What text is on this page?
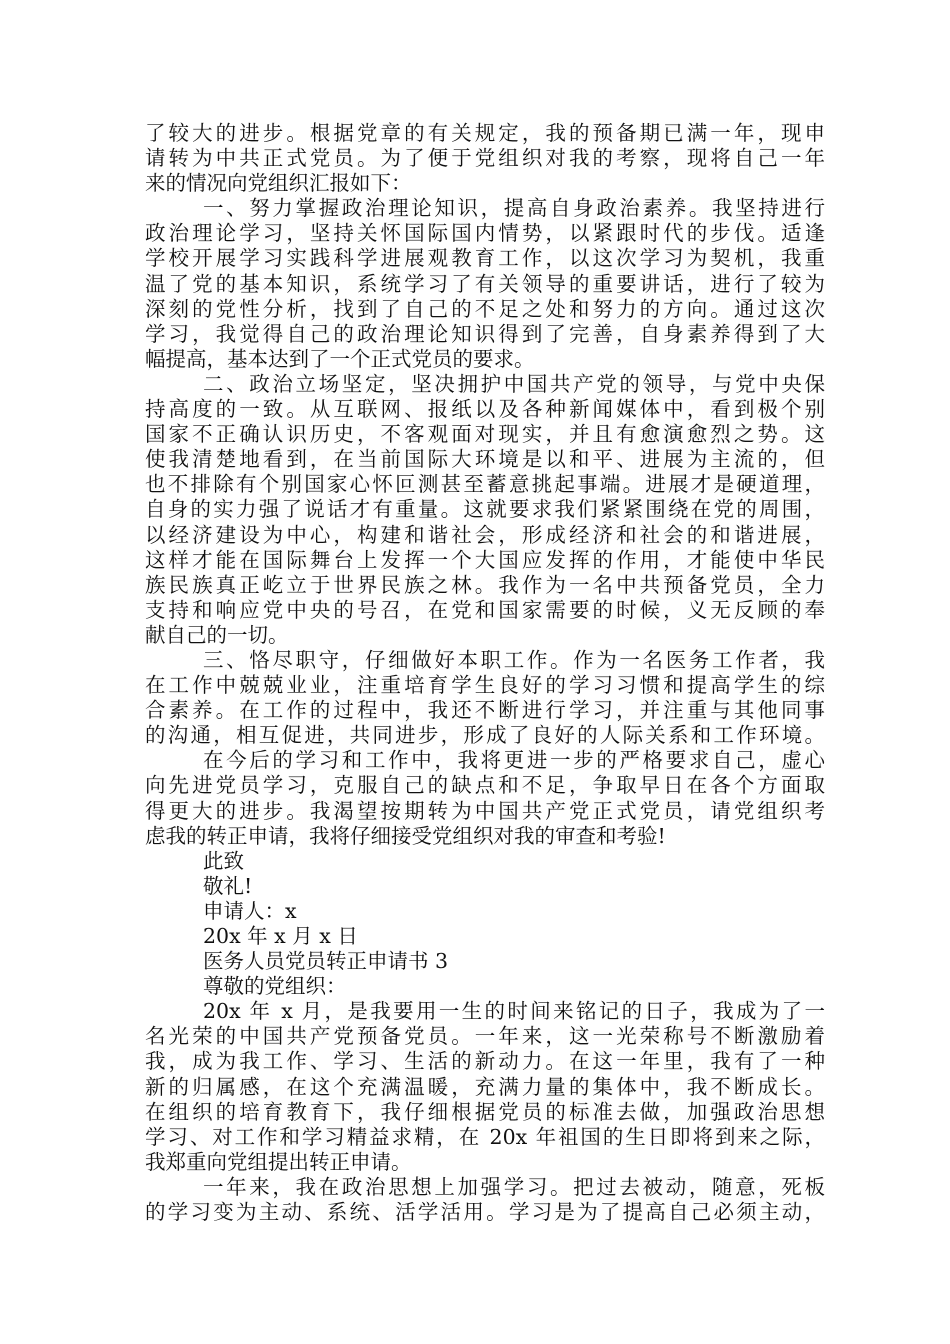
了较大的进步。根据党章的有关规定，我的预备期已满一年，现申
请转为中共正式党员。为了便于党组织对我的考察，现将自己一年
来的情况向党组织汇报如下：
一、努力掌握政治理论知识，提高自身政治素养。我坚持进行
政治理论学习，坚持关怀国际国内情势，以紧跟时代的步伐。适逢
学校开展学习实践科学进展观教育工作，以这次学习为契机，我重
温了党的基本知识，系统学习了有关领导的重要讲话，进行了较为
深刻的党性分析，找到了自己的不足之处和努力的方向。通过这次
学习，我觉得自己的政治理论知识得到了完善，自身素养得到了大
幅提高，基本达到了一个正式党员的要求。
二、政治立场坚定，坚决拥护中国共产党的领导，与党中央保
持高度的一致。从互联网、报纸以及各种新闻媒体中，看到极个别
国家不正确认识历史，不客观面对现实，并且有愈演愈烈之势。这
使我清楚地看到，在当前国际大环境是以和平、进展为主流的，但
也不排除有个别国家心怀叵测甚至蓄意挑起事端。进展才是硬道理，
自身的实力强了说话才有重量。这就要求我们紧紧围绕在党的周围，
以经济建设为中心，构建和谐社会，形成经济和社会的和谐进展，
这样才能在国际舞台上发挥一个大国应发挥的作用，才能使中华民
族民族真正屹立于世界民族之林。我作为一名中共预备党员，全力
支持和响应党中央的号召，在党和国家需要的时候，义无反顾的奉
献自己的一切。
三、恪尽职守，仔细做好本职工作。作为一名医务工作者，我
在工作中兢兢业业，注重培育学生良好的学习习惯和提高学生的综
合素养。在工作的过程中，我还不断进行学习，并注重与其他同事
的沟通，相互促进，共同进步，形成了良好的人际关系和工作环境。
在今后的学习和工作中，我将更进一步的严格要求自己，虚心
向先进党员学习，克服自己的缺点和不足，争取早日在各个方面取
得更大的进步。我渴望按期转为中国共产党正式党员，请党组织考
虑我的转正申请，我将仔细接受党组织对我的审查和考验!
此致
敬礼!
申请人：x
20x 年 x 月 x 日
医务人员党员转正申请书 3
尊敬的党组织：
20x 年 x 月，是我要用一生的时间来铭记的日子，我成为了一
名光荣的中国共产党预备党员。一年来，这一光荣称号不断激励着
我，成为我工作、学习、生活的新动力。在这一年里，我有了一种
新的归属感，在这个充满温暖，充满力量的集体中，我不断成长。
在组织的培育教育下，我仔细根据党员的标准去做，加强政治思想
学习、对工作和学习精益求精，在 20x 年祖国的生日即将到来之际，
我郑重向党组提出转正申请。
一年来，我在政治思想上加强学习。把过去被动，随意，死板
的学习变为主动、系统、活学活用。学习是为了提高自己必须主动，
